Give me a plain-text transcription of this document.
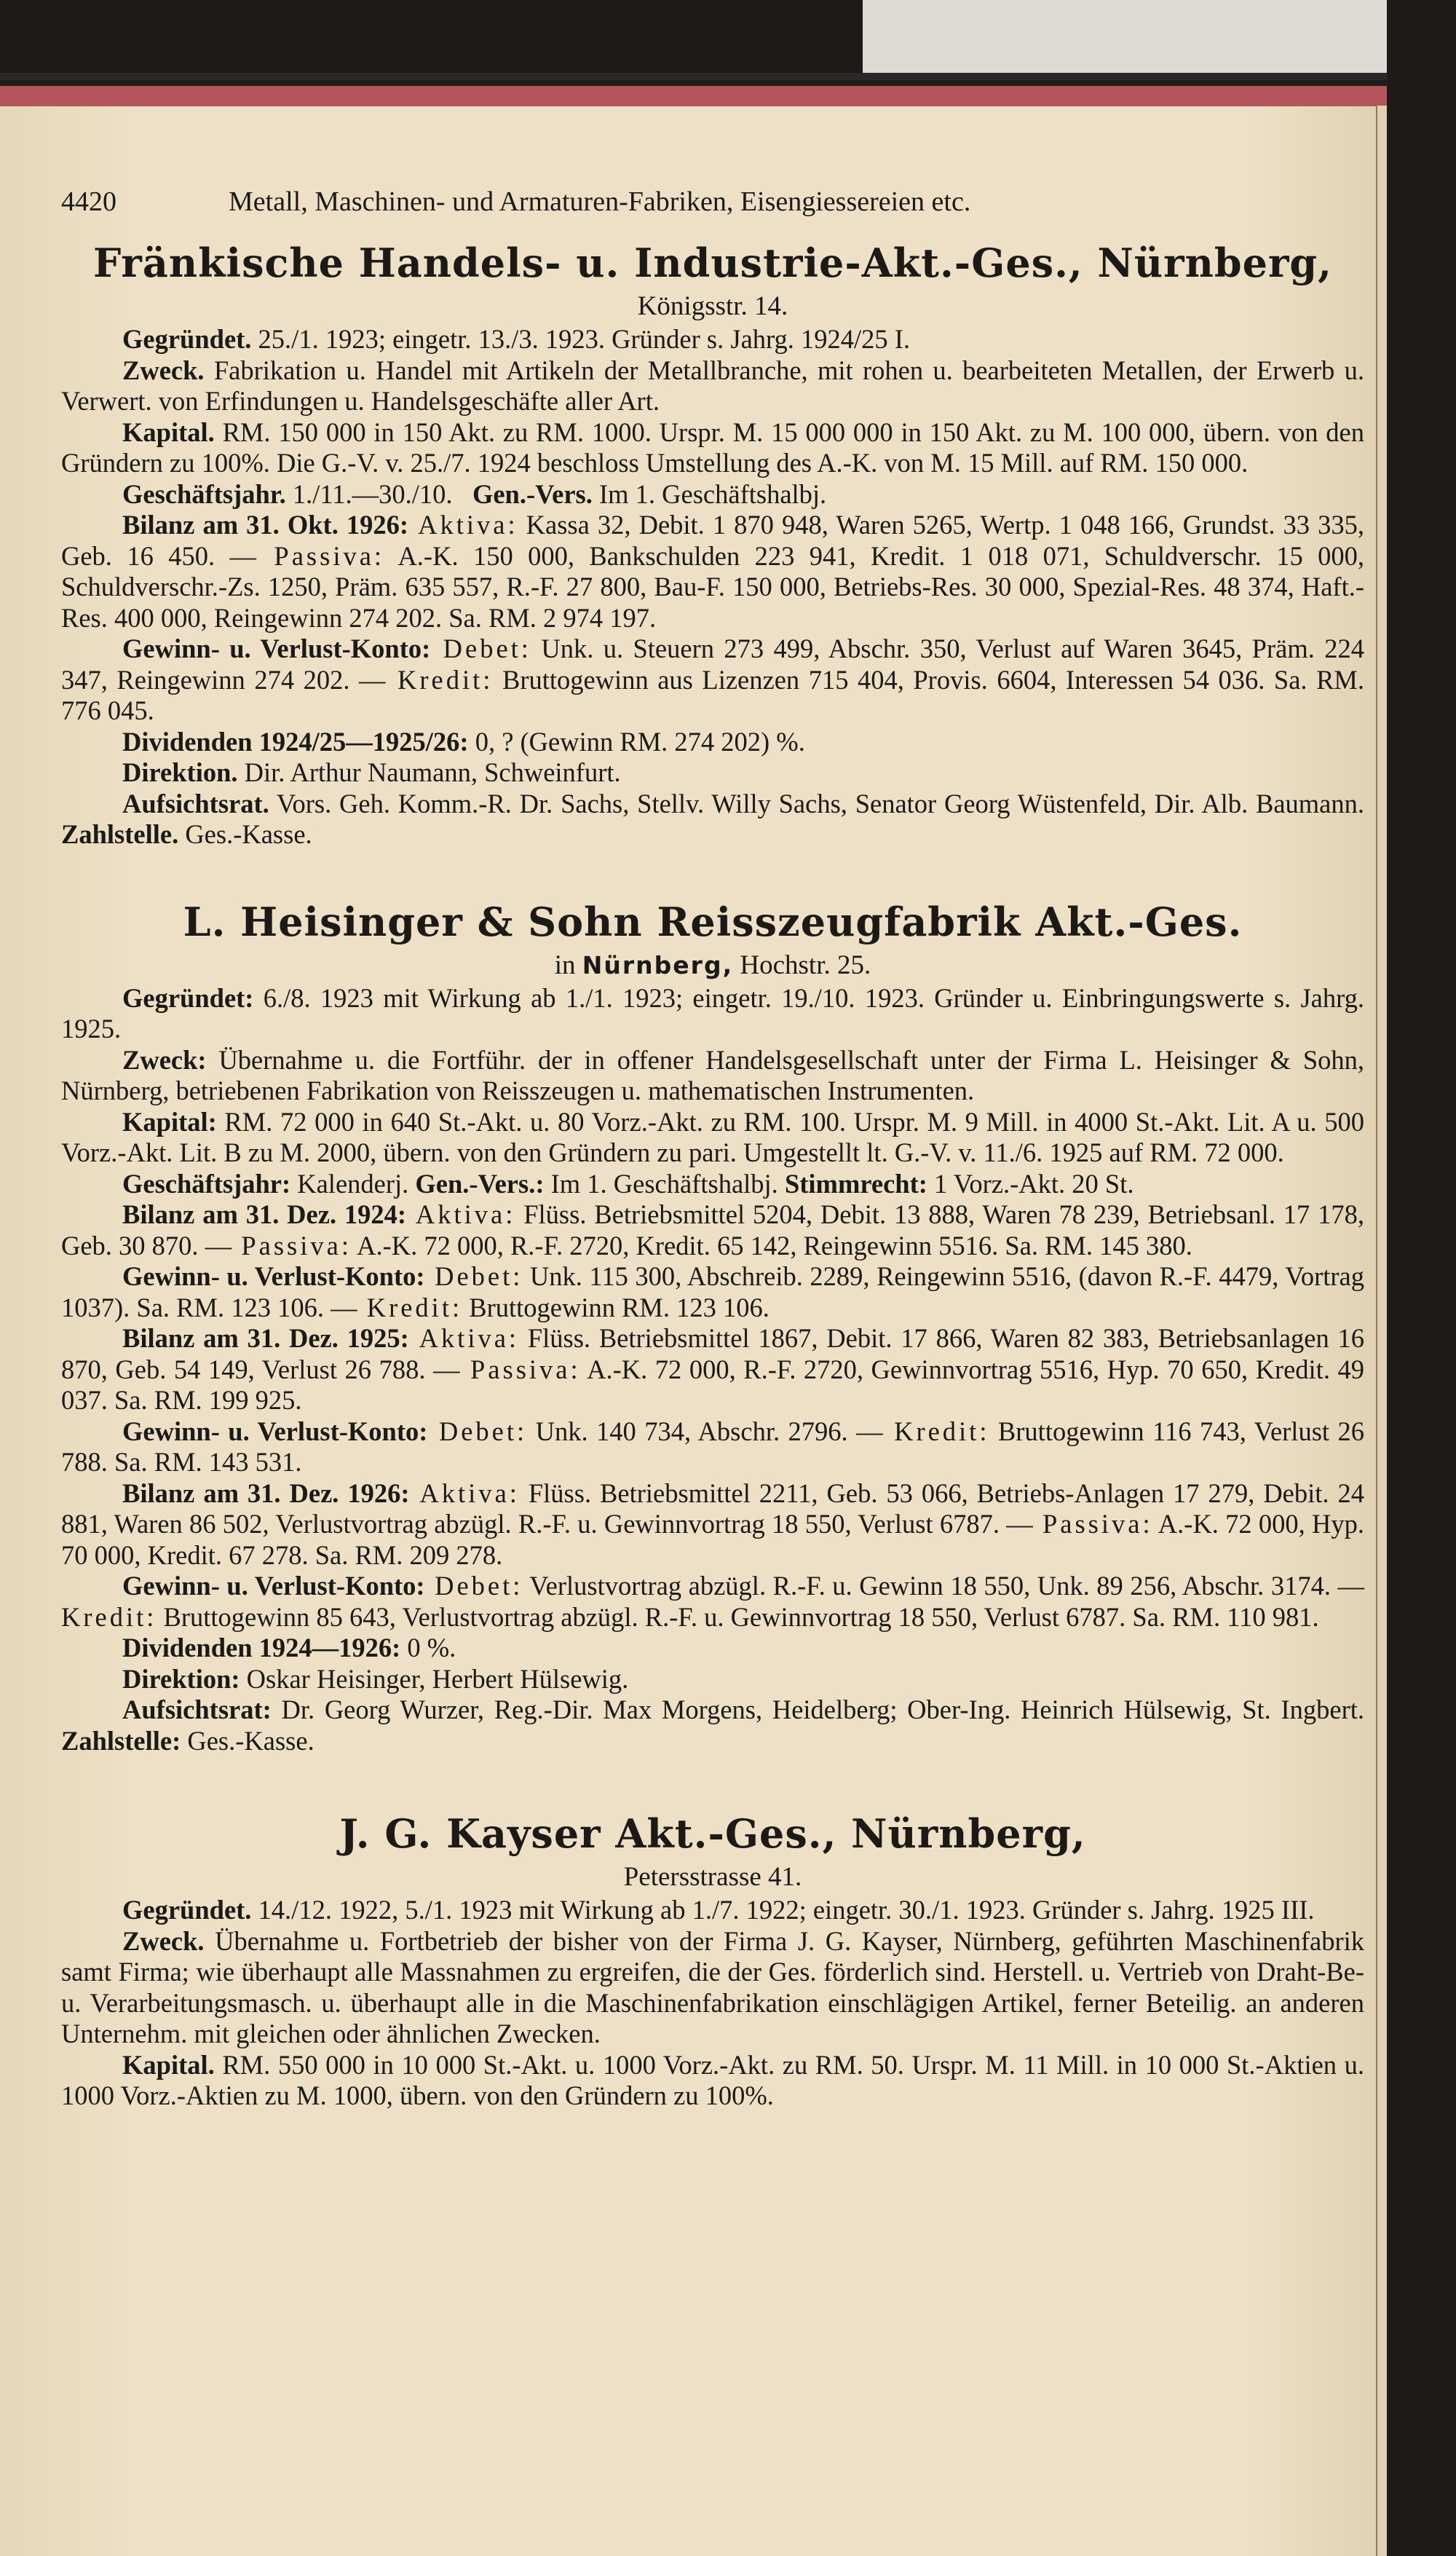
4420	Metall, Maschinen- und Armaturen-Fabriken, Eisengiessereien etc.
Fränkische Handels- u. Industrie-Akt.-Ges., Nürnberg,
Königsstr. 14.

Gegründet. 25./1. 1923; eingetr. 13./3. 1923. Gründer s. Jahrg. 1924/25 I.

Zweck. Fabrikation u. Handel mit Artikeln der Metallbranche, mit rohen u. bearbeiteten Metallen, der Erwerb u. Verwert. von Erfindungen u. Handelsgeschäfte aller Art.

Kapital. RM. 150 000 in 150 Akt. zu RM. 1000. Urspr. M. 15 000 000 in 150 Akt. zu M. 100 000, übern. von den Gründern zu 100%. Die G.-V. v. 25./7. 1924 beschloss Umstellung des A.-K. von M. 15 Mill. auf RM. 150 000.

Geschäftsjahr. 1./11.—30./10. Gen.-Vers. Im 1. Geschäftshalbj.

Bilanz am 31. Okt. 1926: Aktiva: Kassa 32, Debit. 1 870 948, Waren 5265, Wertp. 1 048 166, Grundst. 33 335, Geb. 16 450. — Passiva: A.-K. 150 000, Bankschulden 223 941, Kredit. 1 018 071, Schuldverschr. 15 000, Schuldverschr.-Zs. 1250, Präm. 635 557, R.-F. 27 800, Bau-F. 150 000, Betriebs-Res. 30 000, Spezial-Res. 48 374, Haft.-Res. 400 000, Reingewinn 274 202. Sa. RM. 2 974 197.

Gewinn- u. Verlust-Konto: Debet: Unk. u. Steuern 273 499, Abschr. 350, Verlust auf Waren 3645, Präm. 224 347, Reingewinn 274 202. — Kredit: Bruttogewinn aus Lizenzen 715 404, Provis. 6604, Interessen 54 036. Sa. RM. 776 045.

Dividenden 1924/25—1925/26: 0, ? (Gewinn RM. 274 202) %.

Direktion. Dir. Arthur Naumann, Schweinfurt.

Aufsichtsrat. Vors. Geh. Komm.-R. Dr. Sachs, Stellv. Willy Sachs, Senator Georg Wüstenfeld, Dir. Alb. Baumann. Zahlstelle. Ges.-Kasse.

L. Heisinger & Sohn Reisszeugfabrik Akt.-Ges.
in Nürnberg, Hochstr. 25.

Gegründet: 6./8. 1923 mit Wirkung ab 1./1. 1923; eingetr. 19./10. 1923. Gründer u. Einbringungswerte s. Jahrg. 1925.

Zweck: Übernahme u. die Fortführ. der in offener Handelsgesellschaft unter der Firma L. Heisinger & Sohn, Nürnberg, betriebenen Fabrikation von Reisszeugen u. mathematischen Instrumenten.

Kapital: RM. 72 000 in 640 St.-Akt. u. 80 Vorz.-Akt. zu RM. 100. Urspr. M. 9 Mill. in 4000 St.-Akt. Lit. A u. 500 Vorz.-Akt. Lit. B zu M. 2000, übern. von den Gründern zu pari. Umgestellt lt. G.-V. v. 11./6. 1925 auf RM. 72 000.

Geschäftsjahr: Kalenderj. Gen.-Vers.: Im 1. Geschäftshalbj. Stimmrecht: 1 Vorz.-Akt. 20 St.

Bilanz am 31. Dez. 1924: Aktiva: Flüss. Betriebsmittel 5204, Debit. 13 888, Waren 78 239, Betriebsanl. 17 178, Geb. 30 870. — Passiva: A.-K. 72 000, R.-F. 2720, Kredit. 65 142, Reingewinn 5516. Sa. RM. 145 380.

Gewinn- u. Verlust-Konto: Debet: Unk. 115 300, Abschreib. 2289, Reingewinn 5516, (davon R.-F. 4479, Vortrag 1037). Sa. RM. 123 106. — Kredit: Bruttogewinn RM. 123 106.

Bilanz am 31. Dez. 1925: Aktiva: Flüss. Betriebsmittel 1867, Debit. 17 866, Waren 82 383, Betriebsanlagen 16 870, Geb. 54 149, Verlust 26 788. — Passiva: A.-K. 72 000, R.-F. 2720, Gewinnvortrag 5516, Hyp. 70 650, Kredit. 49 037. Sa. RM. 199 925.

Gewinn- u. Verlust-Konto: Debet: Unk. 140 734, Abschr. 2796. — Kredit: Bruttogewinn 116 743, Verlust 26 788. Sa. RM. 143 531.

Bilanz am 31. Dez. 1926: Aktiva: Flüss. Betriebsmittel 2211, Geb. 53 066, Betriebs-Anlagen 17 279, Debit. 24 881, Waren 86 502, Verlustvortrag abzügl. R.-F. u. Gewinnvortrag 18 550, Verlust 6787. — Passiva: A.-K. 72 000, Hyp. 70 000, Kredit. 67 278. Sa. RM. 209 278.

Gewinn- u. Verlust-Konto: Debet: Verlustvortrag abzügl. R.-F. u. Gewinn 18 550, Unk. 89 256, Abschr. 3174. — Kredit: Bruttogewinn 85 643, Verlustvortrag abzügl. R.-F. u. Gewinnvortrag 18 550, Verlust 6787. Sa. RM. 110 981.

Dividenden 1924—1926: 0 %.

Direktion: Oskar Heisinger, Herbert Hülsewig.

Aufsichtsrat: Dr. Georg Wurzer, Reg.-Dir. Max Morgens, Heidelberg; Ober-Ing. Heinrich Hülsewig, St. Ingbert. Zahlstelle: Ges.-Kasse.

J. G. Kayser Akt.-Ges., Nürnberg,
Petersstrasse 41.

Gegründet. 14./12. 1922, 5./1. 1923 mit Wirkung ab 1./7. 1922; eingetr. 30./1. 1923. Gründer s. Jahrg. 1925 III.

Zweck. Übernahme u. Fortbetrieb der bisher von der Firma J. G. Kayser, Nürnberg, geführten Maschinenfabrik samt Firma; wie überhaupt alle Massnahmen zu ergreifen, die der Ges. förderlich sind. Herstell. u. Vertrieb von Draht-Be- u. Verarbeitungsmasch. u. überhaupt alle in die Maschinenfabrikation einschlägigen Artikel, ferner Beteilig. an anderen Unternehm. mit gleichen oder ähnlichen Zwecken.

Kapital. RM. 550 000 in 10 000 St.-Akt. u. 1000 Vorz.-Akt. zu RM. 50. Urspr. M. 11 Mill. in 10 000 St.-Aktien u. 1000 Vorz.-Aktien zu M. 1000, übern. von den Gründern zu 100%.
